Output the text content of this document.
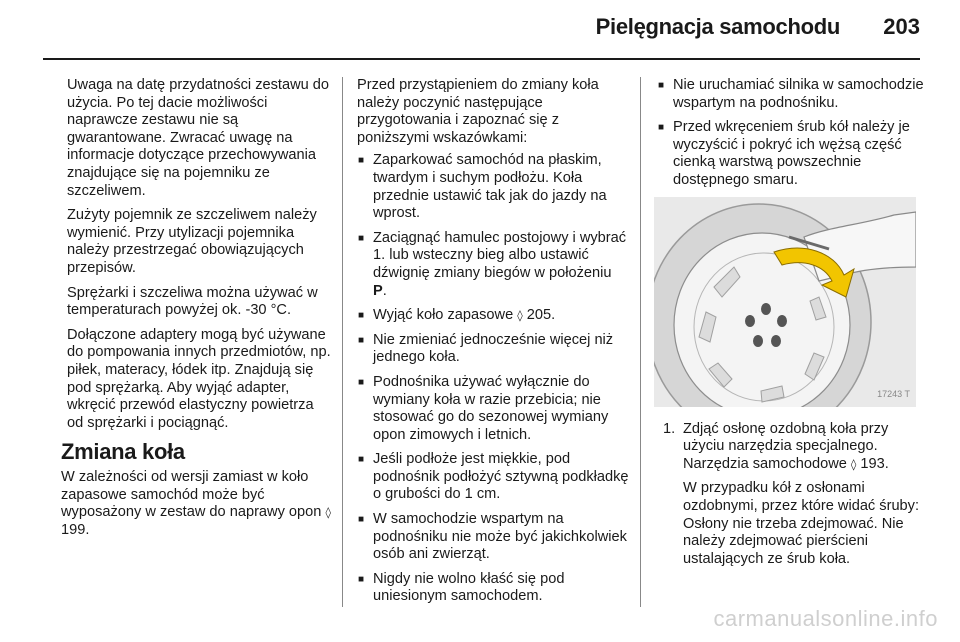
Pielęgnacja samochodu 203

Uwaga na datę przydatności zestawu do użycia. Po tej dacie możliwości naprawcze zestawu nie są gwarantowane. Zwracać uwagę na informacje dotyczące przechowywania znajdujące się na pojemniku ze szczeliwem.

Zużyty pojemnik ze szczeliwem należy wymienić. Przy utylizacji pojemnika należy przestrzegać obowiązujących przepisów.

Sprężarki i szczeliwa można używać w temperaturach powyżej ok. -30 °C.

Dołączone adaptery mogą być używane do pompowania innych przedmiotów, np. piłek, materacy, łódek itp. Znajdują się pod sprężarką. Aby wyjąć adapter, wkręcić przewód elastyczny powietrza od sprężarki i pociągnąć.

Zmiana koła

W zależności od wersji zamiast w koło zapasowe samochód może być wyposażony w zestaw do naprawy opon ◊ 199.

Przed przystąpieniem do zmiany koła należy poczynić następujące przygotowania i zapoznać się z poniższymi wskazówkami:

■ Zaparkować samochód na płaskim, twardym i suchym podłożu. Koła przednie ustawić tak jak do jazdy na wprost.
■ Zaciągnąć hamulec postojowy i wybrać 1. lub wsteczny bieg albo ustawić dźwignię zmiany biegów w położeniu P.
■ Wyjąć koło zapasowe ◊ 205.
■ Nie zmieniać jednocześnie więcej niż jednego koła.
■ Podnośnika używać wyłącznie do wymiany koła w razie przebicia; nie stosować go do sezonowej wymiany opon zimowych i letnich.
■ Jeśli podłoże jest miękkie, pod podnośnik podłożyć sztywną podkładkę o grubości do 1 cm.
■ W samochodzie wspartym na podnośniku nie może być jakichkolwiek osób ani zwierząt.
■ Nigdy nie wolno kłaść się pod uniesionym samochodem.
■ Nie uruchamiać silnika w samochodzie wspartym na podnośniku.
■ Przed wkręceniem śrub kół należy je wyczyścić i pokryć ich wężsą część cienką warstwą powszechnie dostępnego smaru.
17243 T
1. Zdjąć osłonę ozdobną koła przy użyciu narzędzia specjalnego. Narzędzia samochodowe ◊ 193.

W przypadku kół z osłonami ozdobnymi, przez które widać śruby: Osłony nie trzeba zdejmować. Nie należy zdejmować pierścieni ustalających ze śrub koła.

carmanualsonline.info
